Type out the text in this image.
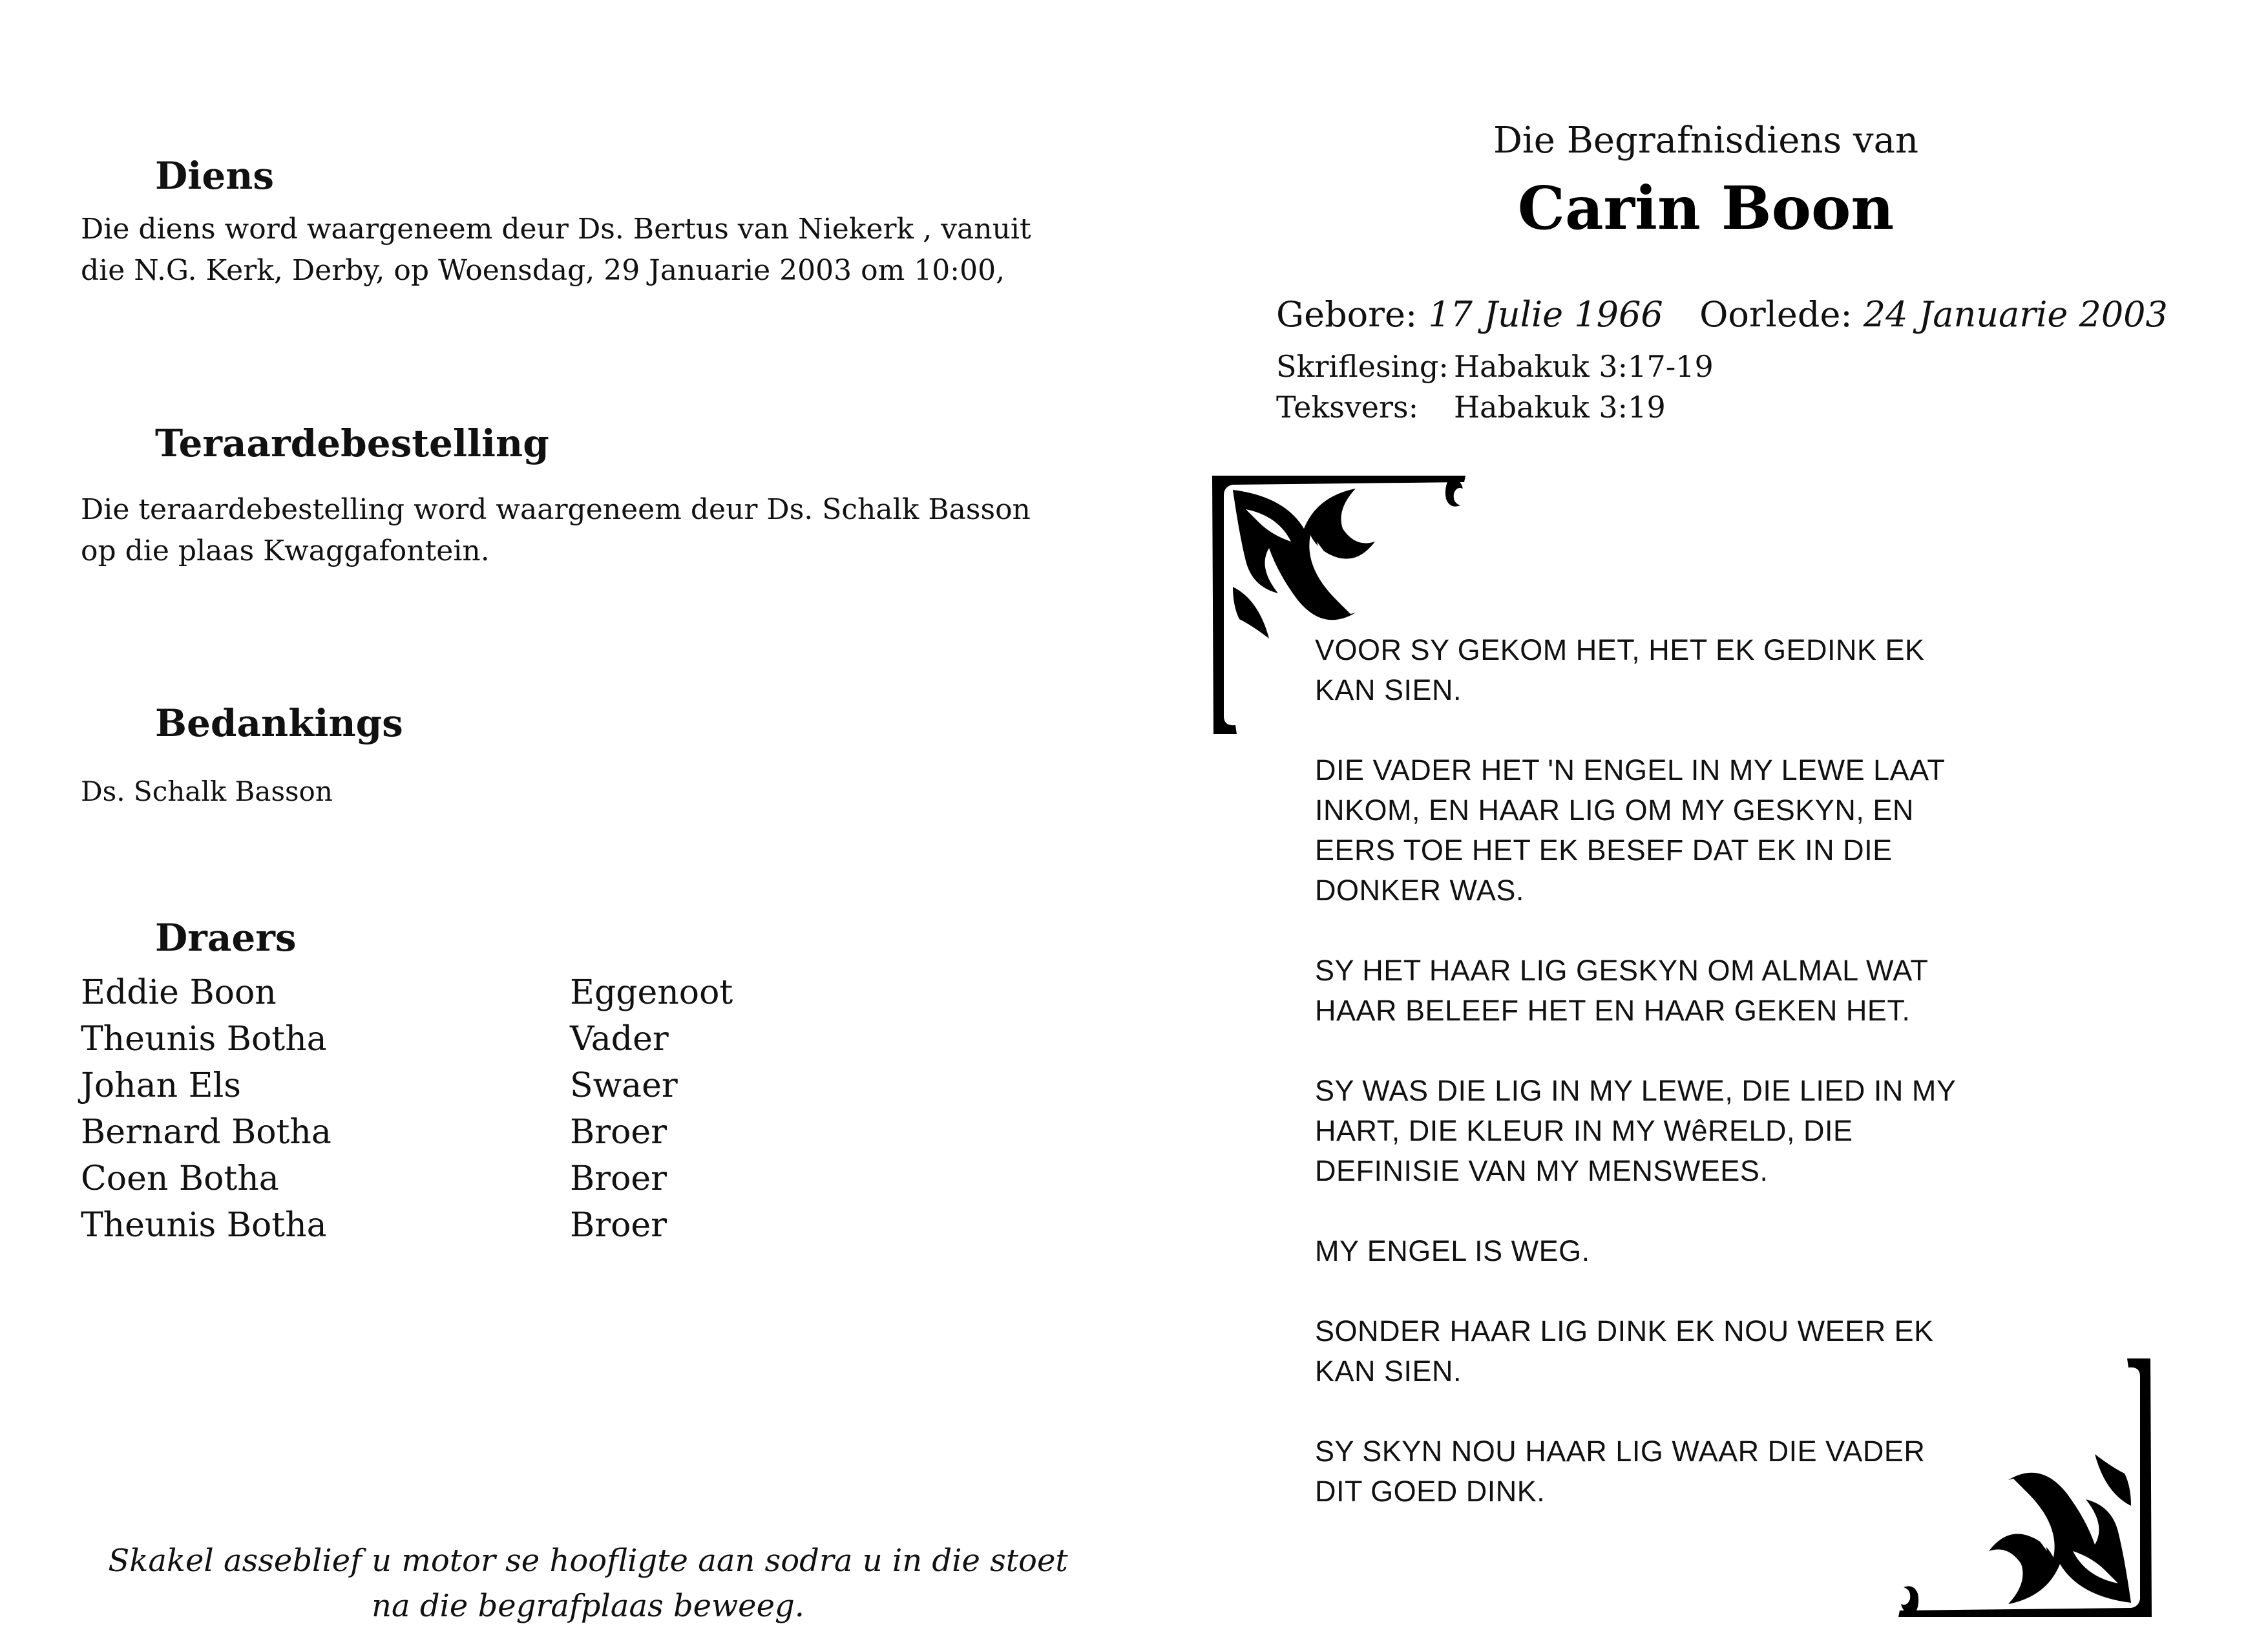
Diens
Die diens word waargeneem deur Ds. Bertus van Niekerk , vanuit
die N.G. Kerk, Derby, op Woensdag, 29 Januarie 2003 om 10:00,
Teraardebestelling
Die teraardebestelling word waargeneem deur Ds. Schalk Basson
op die plaas Kwaggafontein.
Bedankings
Ds. Schalk Basson
Draers
Eddie Boon	Eggenoot
Theunis Botha	Vader
Johan Els	Swaer
Bernard Botha	Broer
Coen Botha	Broer
Theunis Botha	Broer
Skakel asseblief u motor se hoofligte aan sodra u in die stoet
na die begrafplaas beweeg.
Die Begrafnisdiens van
Carin Boon
Gebore: 17 Julie 1966 Oorlede: 24 Januarie 2003
Skriflesing: Habakuk 3:17-19
Teksvers: Habakuk 3:19
VOOR SY GEKOM HET, HET EK GEDINK EK
KAN SIEN.
DIE VADER HET 'N ENGEL IN MY LEWE LAAT
INKOM, EN HAAR LIG OM MY GESKYN, EN
EERS TOE HET EK BESEF DAT EK IN DIE
DONKER WAS.
SY HET HAAR LIG GESKYN OM ALMAL WAT
HAAR BELEEF HET EN HAAR GEKEN HET.
SY WAS DIE LIG IN MY LEWE, DIE LIED IN MY
HART, DIE KLEUR IN MY WêRELD, DIE
DEFINISIE VAN MY MENSWEES.
MY ENGEL IS WEG.
SONDER HAAR LIG DINK EK NOU WEER EK
KAN SIEN.
SY SKYN NOU HAAR LIG WAAR DIE VADER
DIT GOED DINK.
